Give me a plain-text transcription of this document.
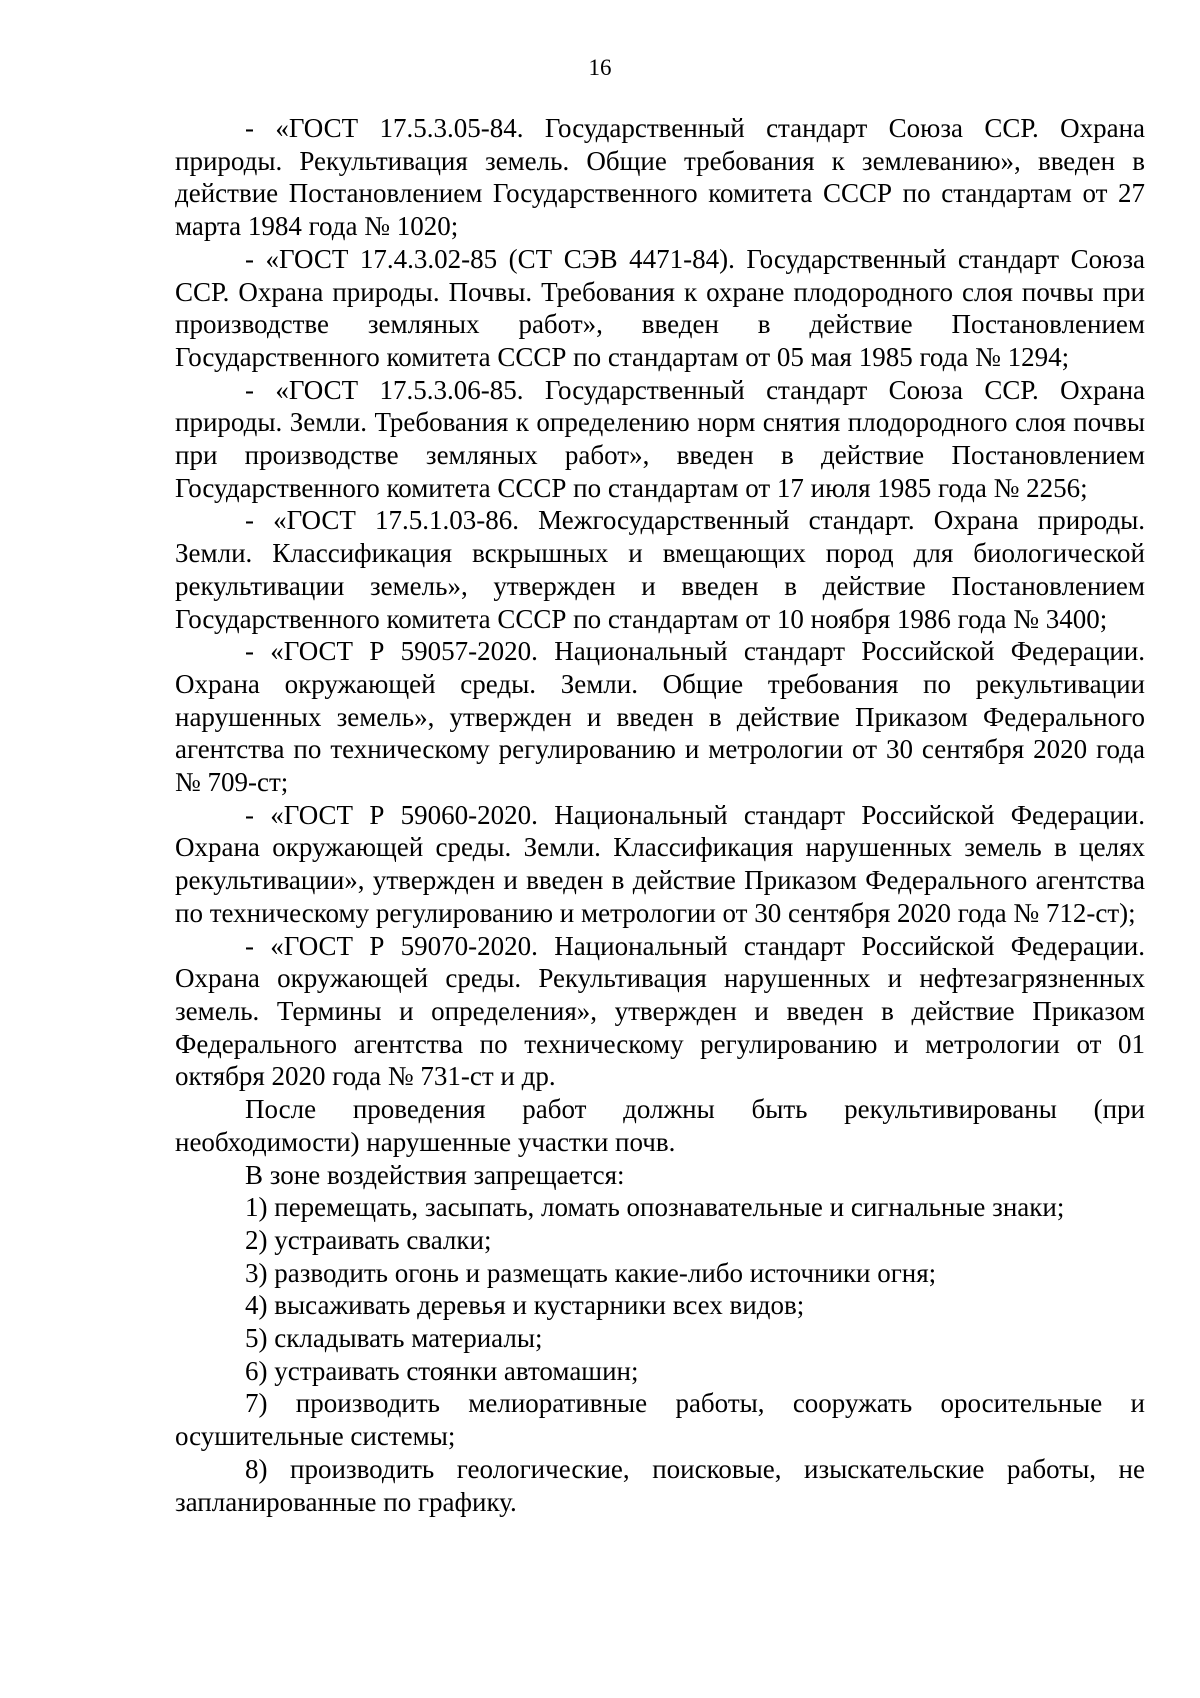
16

- «ГОСТ 17.5.3.05-84. Государственный стандарт Союза ССР. Охрана природы. Рекультивация земель. Общие требования к землеванию», введен в действие Постановлением Государственного комитета СССР по стандартам от 27 марта 1984 года № 1020;

- «ГОСТ 17.4.3.02-85 (СТ СЭВ 4471-84). Государственный стандарт Союза ССР. Охрана природы. Почвы. Требования к охране плодородного слоя почвы при производстве земляных работ», введен в действие Постановлением Государственного комитета СССР по стандартам от 05 мая 1985 года № 1294;

- «ГОСТ 17.5.3.06-85. Государственный стандарт Союза ССР. Охрана природы. Земли. Требования к определению норм снятия плодородного слоя почвы при производстве земляных работ», введен в действие Постановлением Государственного комитета СССР по стандартам от 17 июля 1985 года № 2256;

- «ГОСТ 17.5.1.03-86. Межгосударственный стандарт. Охрана природы. Земли. Классификация вскрышных и вмещающих пород для биологической рекультивации земель», утвержден и введен в действие Постановлением Государственного комитета СССР по стандартам от 10 ноября 1986 года № 3400;

- «ГОСТ Р 59057-2020. Национальный стандарт Российской Федерации. Охрана окружающей среды. Земли. Общие требования по рекультивации нарушенных земель», утвержден и введен в действие Приказом Федерального агентства по техническому регулированию и метрологии от 30 сентября 2020 года № 709-ст;

- «ГОСТ Р 59060-2020. Национальный стандарт Российской Федерации. Охрана окружающей среды. Земли. Классификация нарушенных земель в целях рекультивации», утвержден и введен в действие Приказом Федерального агентства по техническому регулированию и метрологии от 30 сентября 2020 года № 712-ст);

- «ГОСТ Р 59070-2020. Национальный стандарт Российской Федерации. Охрана окружающей среды. Рекультивация нарушенных и нефтезагрязненных земель. Термины и определения», утвержден и введен в действие Приказом Федерального агентства по техническому регулированию и метрологии от 01 октября 2020 года № 731-ст и др.

После проведения работ должны быть рекультивированы (при необходимости) нарушенные участки почв.

В зоне воздействия запрещается:

1) перемещать, засыпать, ломать опознавательные и сигнальные знаки;

2) устраивать свалки;

3) разводить огонь и размещать какие-либо источники огня;

4) высаживать деревья и кустарники всех видов;

5) складывать материалы;

6) устраивать стоянки автомашин;

7) производить мелиоративные работы, сооружать оросительные и осушительные системы;

8) производить геологические, поисковые, изыскательские работы, не запланированные по графику.
